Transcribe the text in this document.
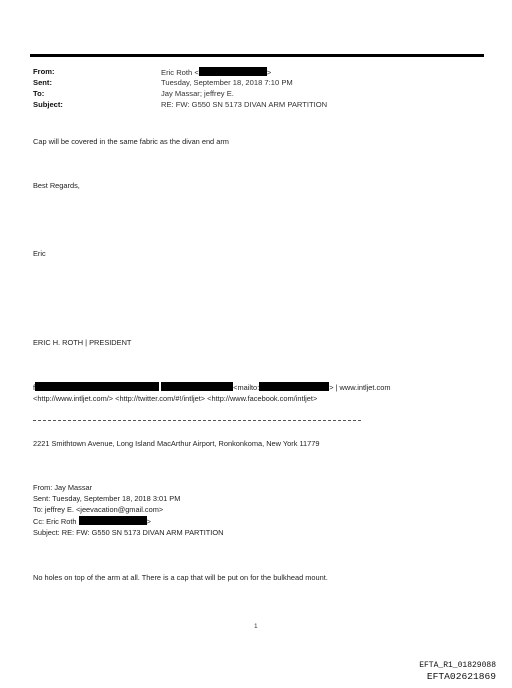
From:	Eric Roth <	>
Sent:	Tuesday, September 18, 2018 7:10 PM
To:	Jay Massar; jeffrey E.
Subject:	RE: FW: G550 SN 5173 DIVAN ARM PARTITION
Cap will be covered in the same fabric as the divan end arm
Best Regards,
Eric
ERIC H. ROTH | PRESIDENT
f	<mailto:	> | www.intljet.com
<http://www.intljet.com/> <http://twitter.com/#!/intljet> <http://www.facebook.com/intljet>
2221 Smithtown Avenue, Long Island MacArthur Airport, Ronkonkoma, New York 11779
From: Jay Massar
Sent: Tuesday, September 18, 2018 3:01 PM
To: jeffrey E. <jeevacation@gmail.com>
Cc: Eric Roth	>
Subject: RE: FW: G550 SN 5173 DIVAN ARM PARTITION
No holes on top of the arm at all. There is a cap that will be put on for the bulkhead mount.
1
EFTA_R1_01829088
EFTA02621869
